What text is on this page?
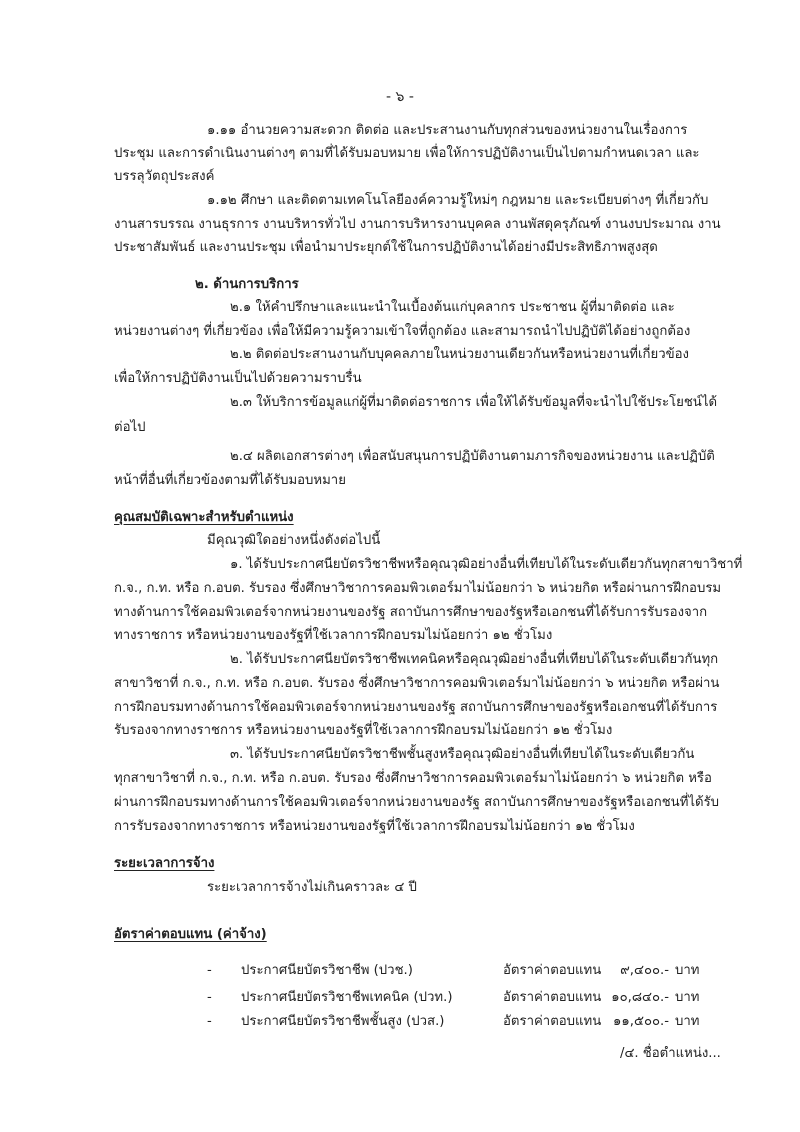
- ๖ -
๑.๑๑ อำนวยความสะดวก ติดต่อ และประสานงานกับทุกส่วนของหน่วยงานในเรื่องการ
ประชุม และการดำเนินงานต่างๆ ตามที่ได้รับมอบหมาย เพื่อให้การปฏิบัติงานเป็นไปตามกำหนดเวลา และ
บรรลุวัตถุประสงค์
๑.๑๒ ศึกษา และติดตามเทคโนโลยีองค์ความรู้ใหม่ๆ กฎหมาย และระเบียบต่างๆ ที่เกี่ยวกับ
งานสารบรรณ งานธุรการ งานบริหารทั่วไป งานการบริหารงานบุคคล งานพัสดุครุภัณฑ์ งานงบประมาณ งาน
ประชาสัมพันธ์ และงานประชุม เพื่อนำมาประยุกต์ใช้ในการปฏิบัติงานได้อย่างมีประสิทธิภาพสูงสุด
๒. ด้านการบริการ
๒.๑ ให้คำปรึกษาและแนะนำในเบื้องต้นแก่บุคลากร ประชาชน ผู้ที่มาติดต่อ และ
หน่วยงานต่างๆ ที่เกี่ยวข้อง เพื่อให้มีความรู้ความเข้าใจที่ถูกต้อง และสามารถนำไปปฏิบัติได้อย่างถูกต้อง
๒.๒ ติดต่อประสานงานกับบุคคลภายในหน่วยงานเดียวกันหรือหน่วยงานที่เกี่ยวข้อง
เพื่อให้การปฏิบัติงานเป็นไปด้วยความราบรื่น
๒.๓ ให้บริการข้อมูลแก่ผู้ที่มาติดต่อราชการ เพื่อให้ได้รับข้อมูลที่จะนำไปใช้ประโยชน์ได้
ต่อไป
๒.๔ ผลิตเอกสารต่างๆ เพื่อสนับสนุนการปฏิบัติงานตามภารกิจของหน่วยงาน และปฏิบัติ
หน้าที่อื่นที่เกี่ยวข้องตามที่ได้รับมอบหมาย
คุณสมบัติเฉพาะสำหรับตำแหน่ง
มีคุณวุฒิใดอย่างหนึ่งดังต่อไปนี้
๑. ได้รับประกาศนียบัตรวิชาชีพหรือคุณวุฒิอย่างอื่นที่เทียบได้ในระดับเดียวกันทุกสาขาวิชาที่
ก.จ., ก.ท. หรือ ก.อบต. รับรอง ซึ่งศึกษาวิชาการคอมพิวเตอร์มาไม่น้อยกว่า ๖ หน่วยกิต หรือผ่านการฝึกอบรม
ทางด้านการใช้คอมพิวเตอร์จากหน่วยงานของรัฐ สถาบันการศึกษาของรัฐหรือเอกชนที่ได้รับการรับรองจาก
ทางราชการ หรือหน่วยงานของรัฐที่ใช้เวลาการฝึกอบรมไม่น้อยกว่า ๑๒ ชั่วโมง
๒. ได้รับประกาศนียบัตรวิชาชีพเทคนิคหรือคุณวุฒิอย่างอื่นที่เทียบได้ในระดับเดียวกันทุก
สาขาวิชาที่ ก.จ., ก.ท. หรือ ก.อบต. รับรอง ซึ่งศึกษาวิชาการคอมพิวเตอร์มาไม่น้อยกว่า ๖ หน่วยกิต หรือผ่าน
การฝึกอบรมทางด้านการใช้คอมพิวเตอร์จากหน่วยงานของรัฐ สถาบันการศึกษาของรัฐหรือเอกชนที่ได้รับการ
รับรองจากทางราชการ หรือหน่วยงานของรัฐที่ใช้เวลาการฝึกอบรมไม่น้อยกว่า ๑๒ ชั่วโมง
๓. ได้รับประกาศนียบัตรวิชาชีพชั้นสูงหรือคุณวุฒิอย่างอื่นที่เทียบได้ในระดับเดียวกัน
ทุกสาขาวิชาที่ ก.จ., ก.ท. หรือ ก.อบต. รับรอง ซึ่งศึกษาวิชาการคอมพิวเตอร์มาไม่น้อยกว่า ๖ หน่วยกิต หรือ
ผ่านการฝึกอบรมทางด้านการใช้คอมพิวเตอร์จากหน่วยงานของรัฐ สถาบันการศึกษาของรัฐหรือเอกชนที่ได้รับ
การรับรองจากทางราชการ หรือหน่วยงานของรัฐที่ใช้เวลาการฝึกอบรมไม่น้อยกว่า ๑๒ ชั่วโมง
ระยะเวลาการจ้าง
ระยะเวลาการจ้างไม่เกินคราวละ ๔ ปี
อัตราค่าตอบแทน (ค่าจ้าง)
- ประกาศนียบัตรวิชาชีพ (ปวช.)	อัตราค่าตอบแทน	๙,๔๐๐.- บาท
- ประกาศนียบัตรวิชาชีพเทคนิค (ปวท.)	อัตราค่าตอบแทน ๑๐,๘๔๐.- บาท
- ประกาศนียบัตรวิชาชีพชั้นสูง (ปวส.)	อัตราค่าตอบแทน ๑๑,๕๐๐.- บาท
/๔. ชื่อตำแหน่ง...
